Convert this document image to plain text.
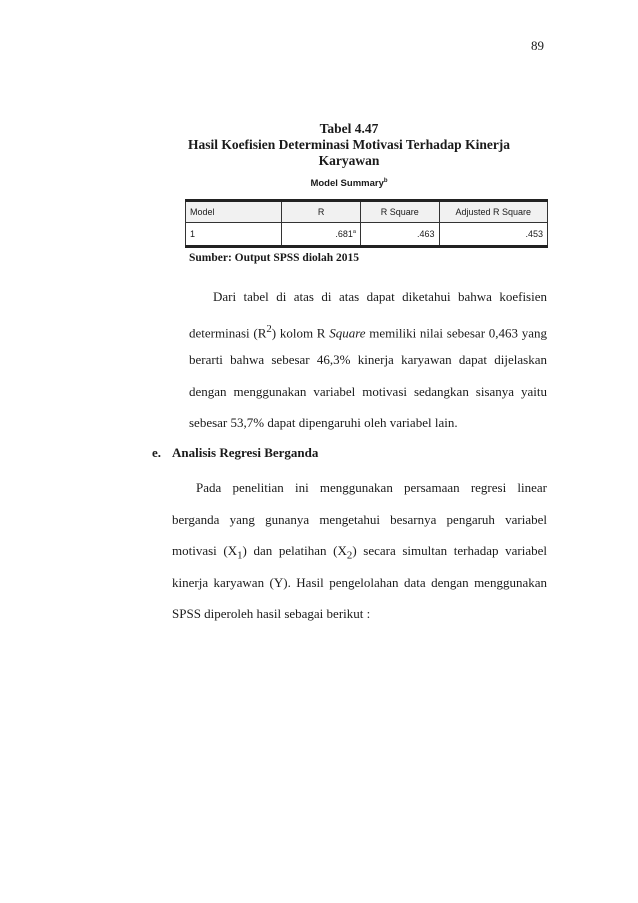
89
Tabel 4.47
Hasil Koefisien Determinasi Motivasi Terhadap Kinerja
Karyawan
Model Summary$^b$
Model	R	R Square	Adjusted R Square
1	.681$^a$	.463	.453
Sumber: Output SPSS diolah 2015
Dari tabel di atas di atas dapat diketahui bahwa koefisien
determinasi $(R^2)$ kolom R Square memiliki nilai sebesar 0,463 yang
berarti bahwa sebesar 46,3% kinerja karyawan dapat dijelaskan
dengan menggunakan variabel motivasi sedangkan sisanya yaitu
sebesar 53,7% dapat dipengaruhi oleh variabel lain.
e. Analisis Regresi Berganda
Pada penelitian ini menggunakan persamaan regresi linear
berganda yang gunanya mengetahui besarnya pengaruh variabel
motivasi $(X_1)$ dan pelatihan $(X_2)$ secara simultan terhadap variabel
kinerja karyawan (Y). Hasil pengelolahan data dengan menggunakan
SPSS diperoleh hasil sebagai berikut :
